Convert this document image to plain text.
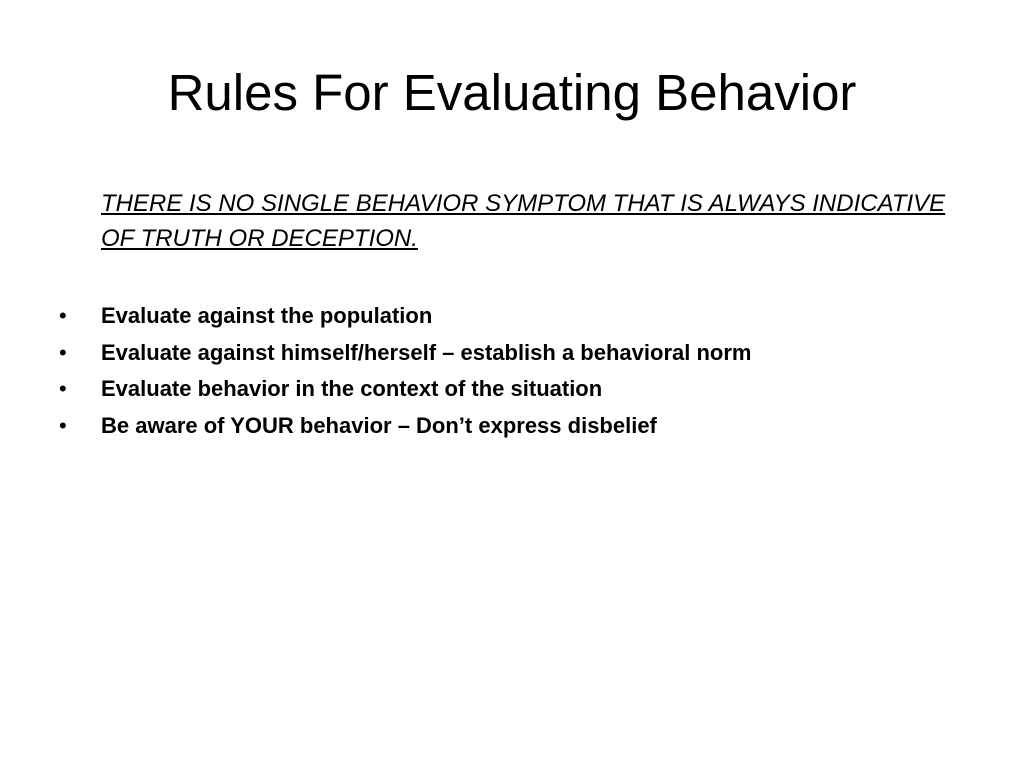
Rules For Evaluating Behavior

THERE IS NO SINGLE BEHAVIOR SYMPTOM THAT IS ALWAYS INDICATIVE OF TRUTH OR DECEPTION.

• Evaluate against the population
• Evaluate against himself/herself – establish a behavioral norm
• Evaluate behavior in the context of the situation
• Be aware of YOUR behavior – Don’t express disbelief
